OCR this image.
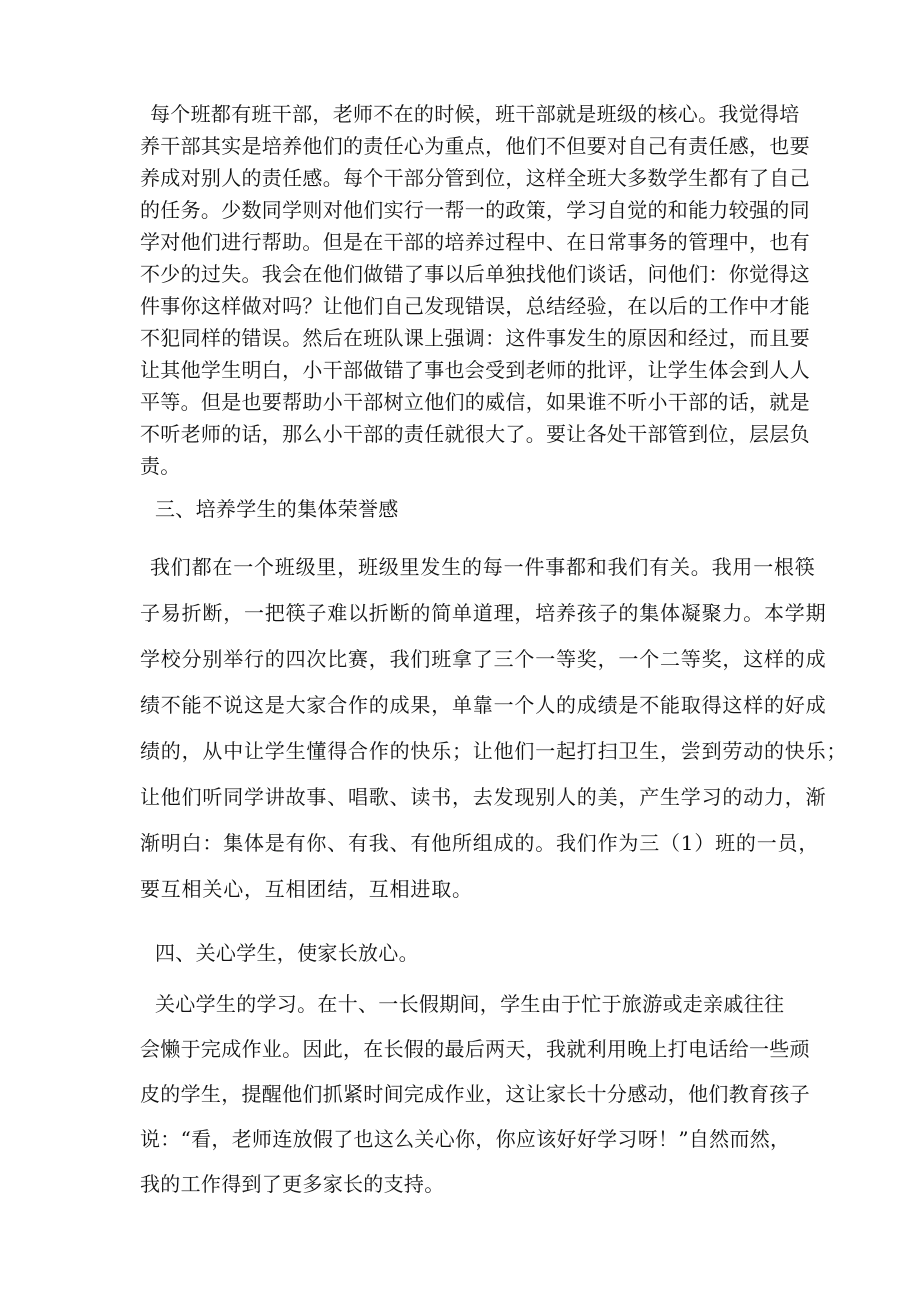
每个班都有班干部，老师不在的时候，班干部就是班级的核心。我觉得培
养干部其实是培养他们的责任心为重点，他们不但要对自己有责任感，也要
养成对别人的责任感。每个干部分管到位，这样全班大多数学生都有了自己
的任务。少数同学则对他们实行一帮一的政策，学习自觉的和能力较强的同
学对他们进行帮助。但是在干部的培养过程中、在日常事务的管理中，也有
不少的过失。我会在他们做错了事以后单独找他们谈话，问他们：你觉得这
件事你这样做对吗？让他们自己发现错误，总结经验，在以后的工作中才能
不犯同样的错误。然后在班队课上强调：这件事发生的原因和经过，而且要
让其他学生明白，小干部做错了事也会受到老师的批评，让学生体会到人人
平等。但是也要帮助小干部树立他们的威信，如果谁不听小干部的话，就是
不听老师的话，那么小干部的责任就很大了。要让各处干部管到位，层层负
责。
三、培养学生的集体荣誉感
我们都在一个班级里，班级里发生的每一件事都和我们有关。我用一根筷
子易折断，一把筷子难以折断的简单道理，培养孩子的集体凝聚力。本学期
学校分别举行的四次比赛，我们班拿了三个一等奖，一个二等奖，这样的成
绩不能不说这是大家合作的成果，单靠一个人的成绩是不能取得这样的好成
绩的，从中让学生懂得合作的快乐；让他们一起打扫卫生，尝到劳动的快乐；
让他们听同学讲故事、唱歌、读书，去发现别人的美，产生学习的动力，渐
渐明白：集体是有你、有我、有他所组成的。我们作为三（1）班的一员，
要互相关心，互相团结，互相进取。
四、关心学生，使家长放心。
关心学生的学习。在十、一长假期间，学生由于忙于旅游或走亲戚往往
会懒于完成作业。因此，在长假的最后两天，我就利用晚上打电话给一些顽
皮的学生，提醒他们抓紧时间完成作业，这让家长十分感动，他们教育孩子
说：“看，老师连放假了也这么关心你，你应该好好学习呀！”自然而然，
我的工作得到了更多家长的支持。
